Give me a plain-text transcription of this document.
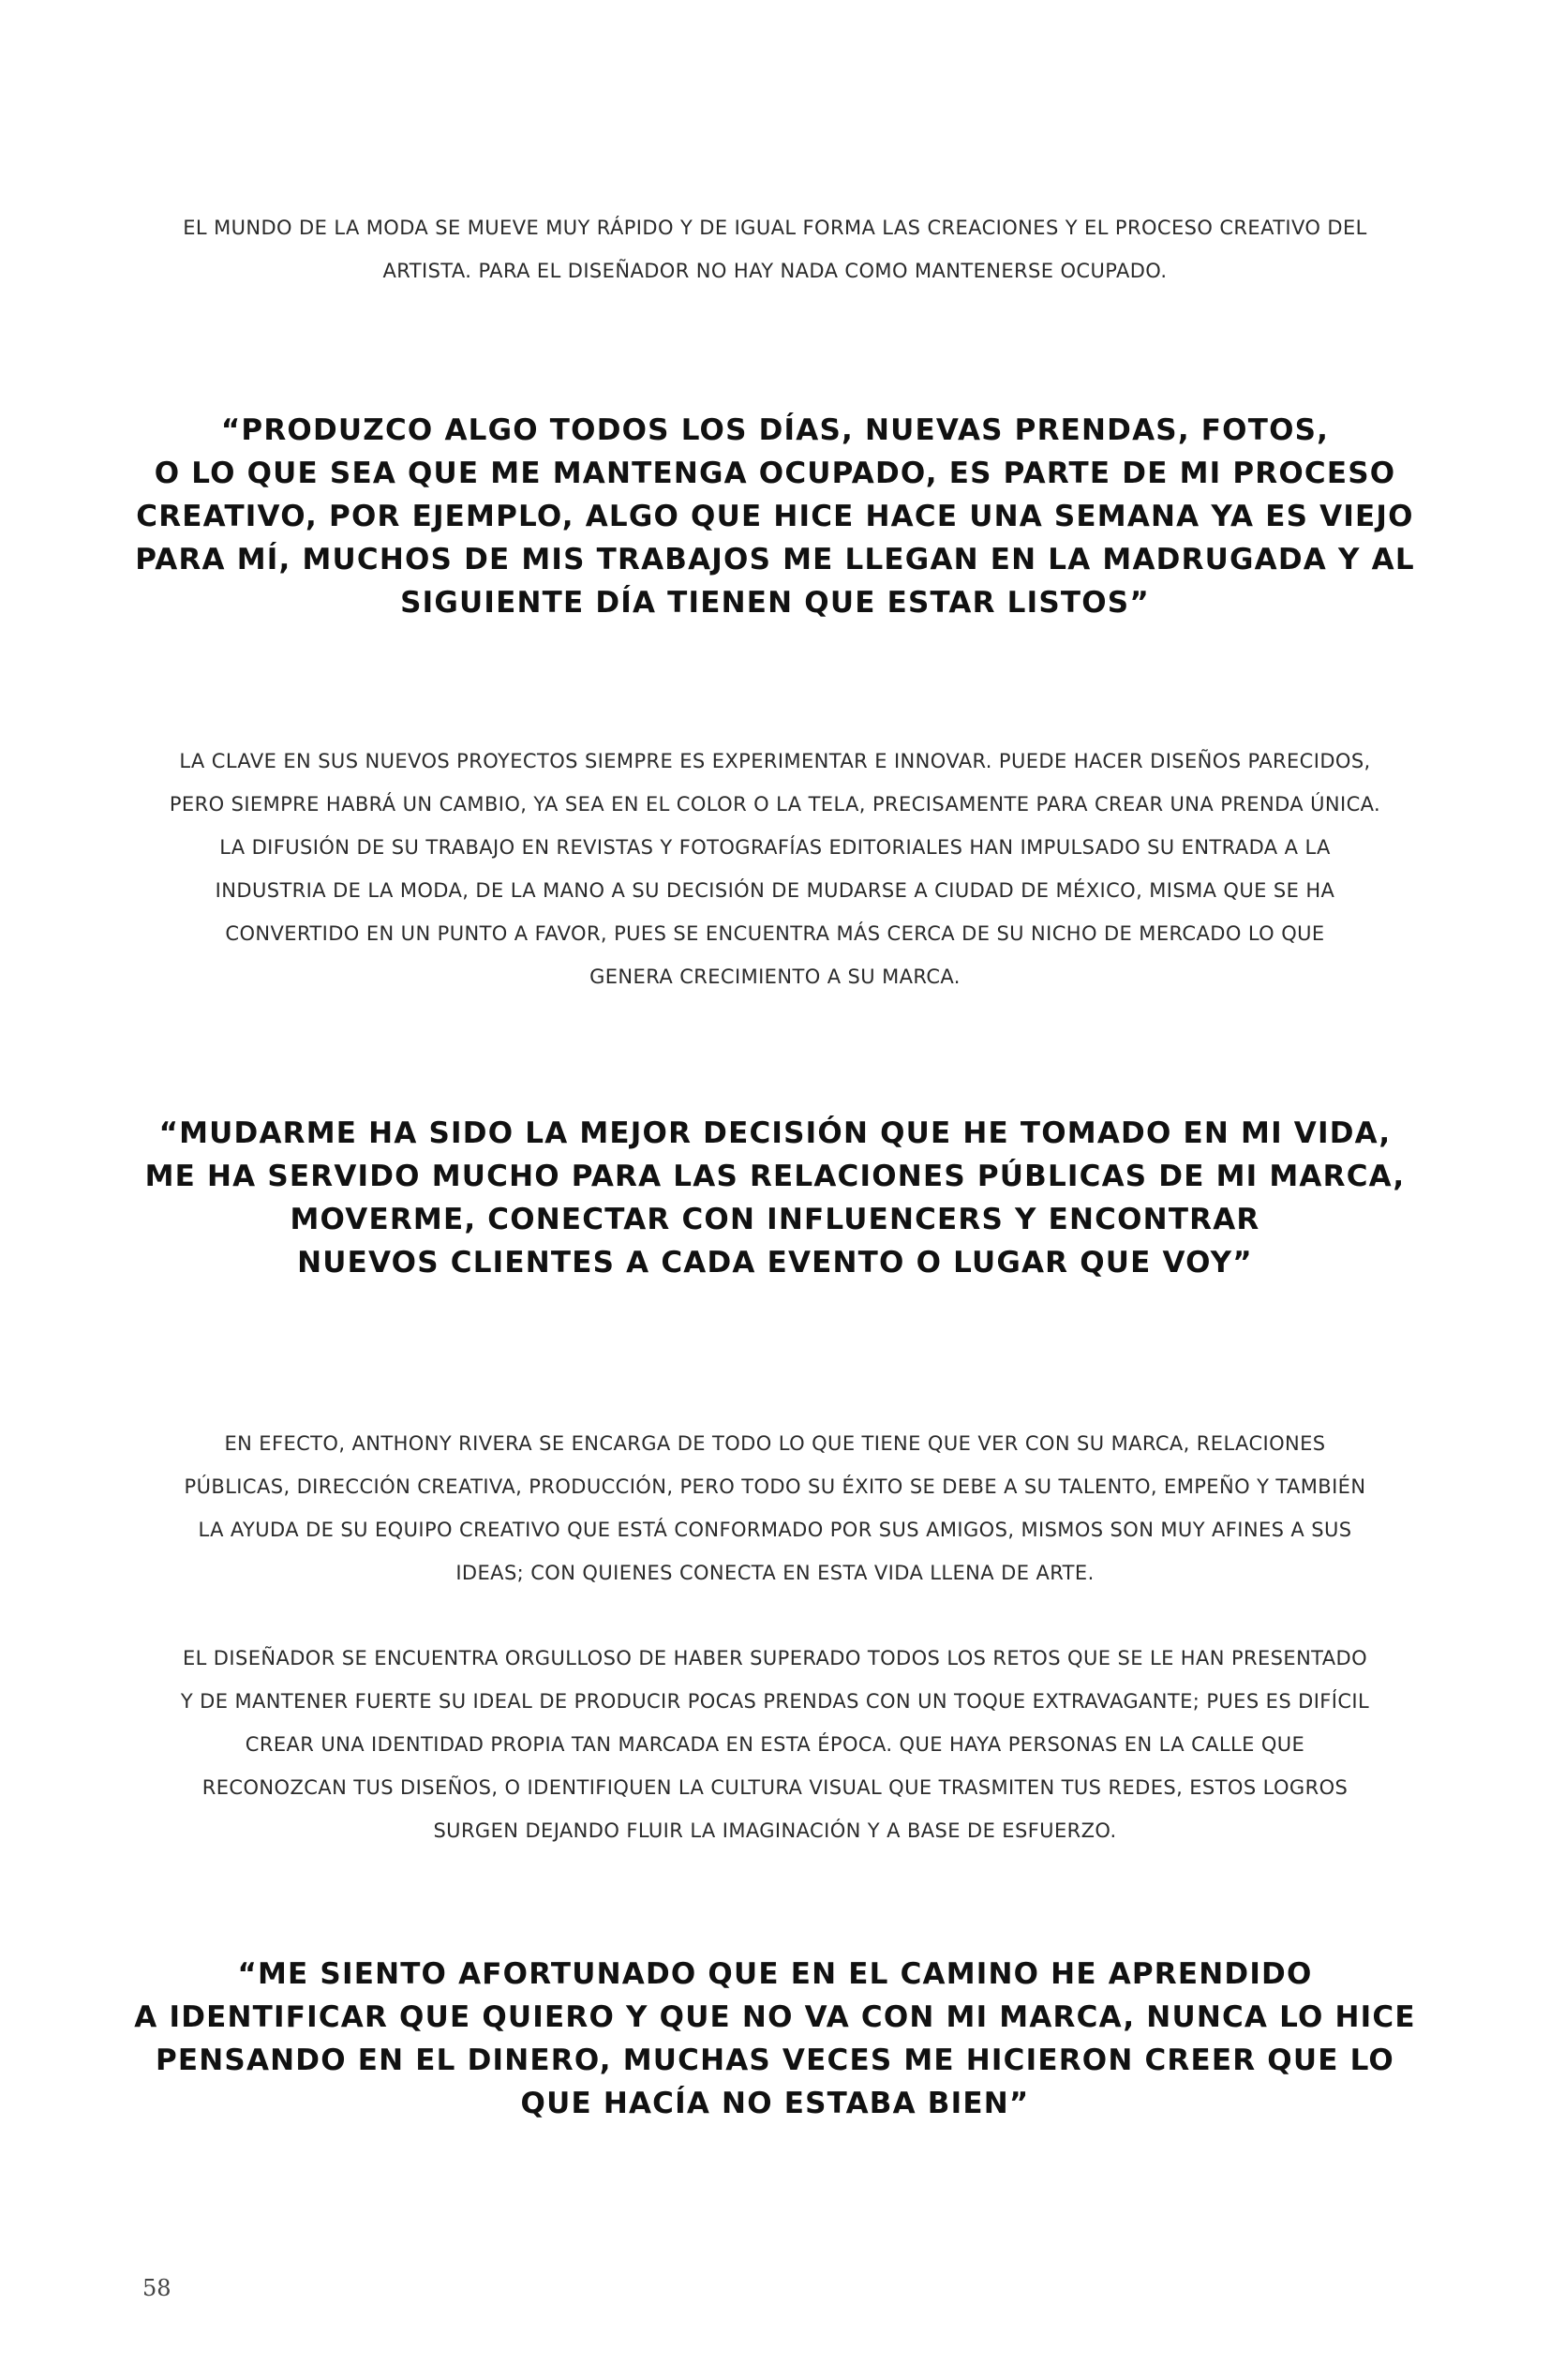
EL MUNDO DE LA MODA SE MUEVE MUY RÁPIDO Y DE IGUAL FORMA LAS CREACIONES Y EL PROCESO CREATIVO DEL
ARTISTA. PARA EL DISEÑADOR NO HAY NADA COMO MANTENERSE OCUPADO.
“PRODUZCO ALGO TODOS LOS DÍAS, NUEVAS PRENDAS, FOTOS,
O LO QUE SEA QUE ME MANTENGA OCUPADO, ES PARTE DE MI PROCESO
CREATIVO, POR EJEMPLO, ALGO QUE HICE HACE UNA SEMANA YA ES VIEJO
PARA MÍ, MUCHOS DE MIS TRABAJOS ME LLEGAN EN LA MADRUGADA Y AL
SIGUIENTE DÍA TIENEN QUE ESTAR LISTOS”
LA CLAVE EN SUS NUEVOS PROYECTOS SIEMPRE ES EXPERIMENTAR E INNOVAR. PUEDE HACER DISEÑOS PARECIDOS,
PERO SIEMPRE HABRÁ UN CAMBIO, YA SEA EN EL COLOR O LA TELA, PRECISAMENTE PARA CREAR UNA PRENDA ÚNICA.
LA DIFUSIÓN DE SU TRABAJO EN REVISTAS Y FOTOGRAFÍAS EDITORIALES HAN IMPULSADO SU ENTRADA A LA
INDUSTRIA DE LA MODA, DE LA MANO A SU DECISIÓN DE MUDARSE A CIUDAD DE MÉXICO, MISMA QUE SE HA
CONVERTIDO EN UN PUNTO A FAVOR, PUES SE ENCUENTRA MÁS CERCA DE SU NICHO DE MERCADO LO QUE
GENERA CRECIMIENTO A SU MARCA.
“MUDARME HA SIDO LA MEJOR DECISIÓN QUE HE TOMADO EN MI VIDA,
ME HA SERVIDO MUCHO PARA LAS RELACIONES PÚBLICAS DE MI MARCA,
MOVERME, CONECTAR CON INFLUENCERS Y ENCONTRAR
NUEVOS CLIENTES A CADA EVENTO O LUGAR QUE VOY”
EN EFECTO, ANTHONY RIVERA SE ENCARGA DE TODO LO QUE TIENE QUE VER CON SU MARCA, RELACIONES
PÚBLICAS, DIRECCIÓN CREATIVA, PRODUCCIÓN, PERO TODO SU ÉXITO SE DEBE A SU TALENTO, EMPEÑO Y TAMBIÉN
LA AYUDA DE SU EQUIPO CREATIVO QUE ESTÁ CONFORMADO POR SUS AMIGOS, MISMOS SON MUY AFINES A SUS
IDEAS; CON QUIENES CONECTA EN ESTA VIDA LLENA DE ARTE.
EL DISEÑADOR SE ENCUENTRA ORGULLOSO DE HABER SUPERADO TODOS LOS RETOS QUE SE LE HAN PRESENTADO
Y DE MANTENER FUERTE SU IDEAL DE PRODUCIR POCAS PRENDAS CON UN TOQUE EXTRAVAGANTE; PUES ES DIFÍCIL
CREAR UNA IDENTIDAD PROPIA TAN MARCADA EN ESTA ÉPOCA. QUE HAYA PERSONAS EN LA CALLE QUE
RECONOZCAN TUS DISEÑOS, O IDENTIFIQUEN LA CULTURA VISUAL QUE TRASMITEN TUS REDES, ESTOS LOGROS
SURGEN DEJANDO FLUIR LA IMAGINACIÓN Y A BASE DE ESFUERZO.
“ME SIENTO AFORTUNADO QUE EN EL CAMINO HE APRENDIDO
A IDENTIFICAR QUE QUIERO Y QUE NO VA CON MI MARCA, NUNCA LO HICE
PENSANDO EN EL DINERO, MUCHAS VECES ME HICIERON CREER QUE LO
QUE HACÍA NO ESTABA BIEN”
58
